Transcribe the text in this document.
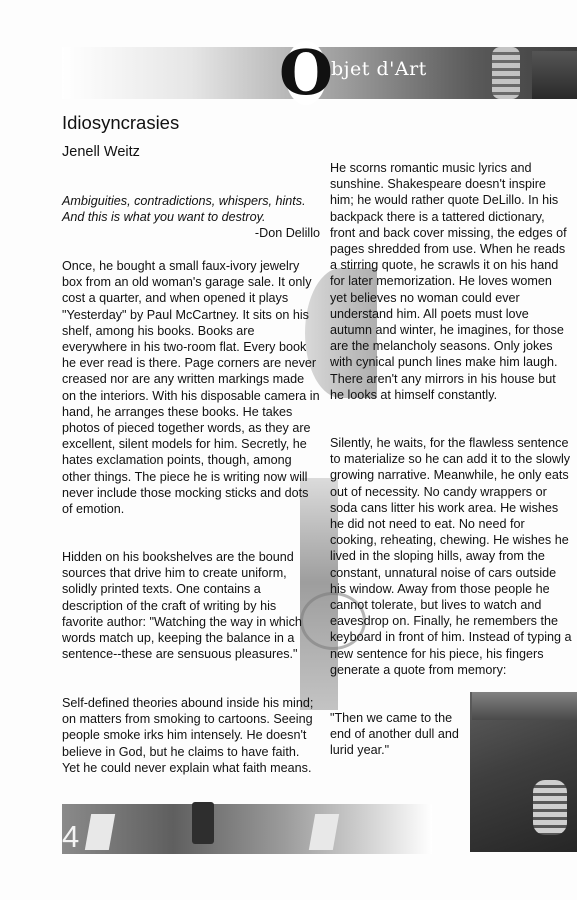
O
bjet d'Art
Idiosyncrasies
Jenell Weitz
Ambiguities, contradictions, whispers, hints. And this is what you want to destroy.
-Don Delillo

Once, he bought a small faux-ivory jewelry box from an old woman's garage sale. It only cost a quarter, and when opened it plays "Yesterday" by Paul McCartney. It sits on his shelf, among his books. Books are everywhere in his two-room flat. Every book he ever read is there. Page corners are never creased nor are any written markings made on the interiors. With his disposable camera in hand, he arranges these books. He takes photos of pieced together words, as they are excellent, silent models for him. Secretly, he hates exclamation points, though, among other things. The piece he is writing now will never include those mocking sticks and dots of emotion.

Hidden on his bookshelves are the bound sources that drive him to create uniform, solidly printed texts. One contains a description of the craft of writing by his favorite author: "Watching the way in which words match up, keeping the balance in a sentence--these are sensuous pleasures."

Self-defined theories abound inside his mind; on matters from smoking to cartoons. Seeing people smoke irks him intensely. He doesn't believe in God, but he claims to have faith. Yet he could never explain what faith means.

He scorns romantic music lyrics and sunshine. Shakespeare doesn't inspire him; he would rather quote DeLillo. In his backpack there is a tattered dictionary, front and back cover missing, the edges of pages shredded from use. When he reads a stirring quote, he scrawls it on his hand for later memorization. He loves women yet believes no woman could ever understand him. All poets must love autumn and winter, he imagines, for those are the melancholy seasons. Only jokes with cynical punch lines make him laugh. There aren't any mirrors in his house but he looks at himself constantly.

Silently, he waits, for the flawless sentence to materialize so he can add it to the slowly growing narrative. Meanwhile, he only eats out of necessity. No candy wrappers or soda cans litter his work area. He wishes he did not need to eat. No need for cooking, reheating, chewing. He wishes he lived in the sloping hills, away from the constant, unnatural noise of cars outside his window. Away from those people he cannot tolerate, but lives to watch and eavesdrop on. Finally, he remembers the keyboard in front of him. Instead of typing a new sentence for his piece, his fingers generate a quote from memory:

"Then we came to the
end of another dull and
lurid year."
4
